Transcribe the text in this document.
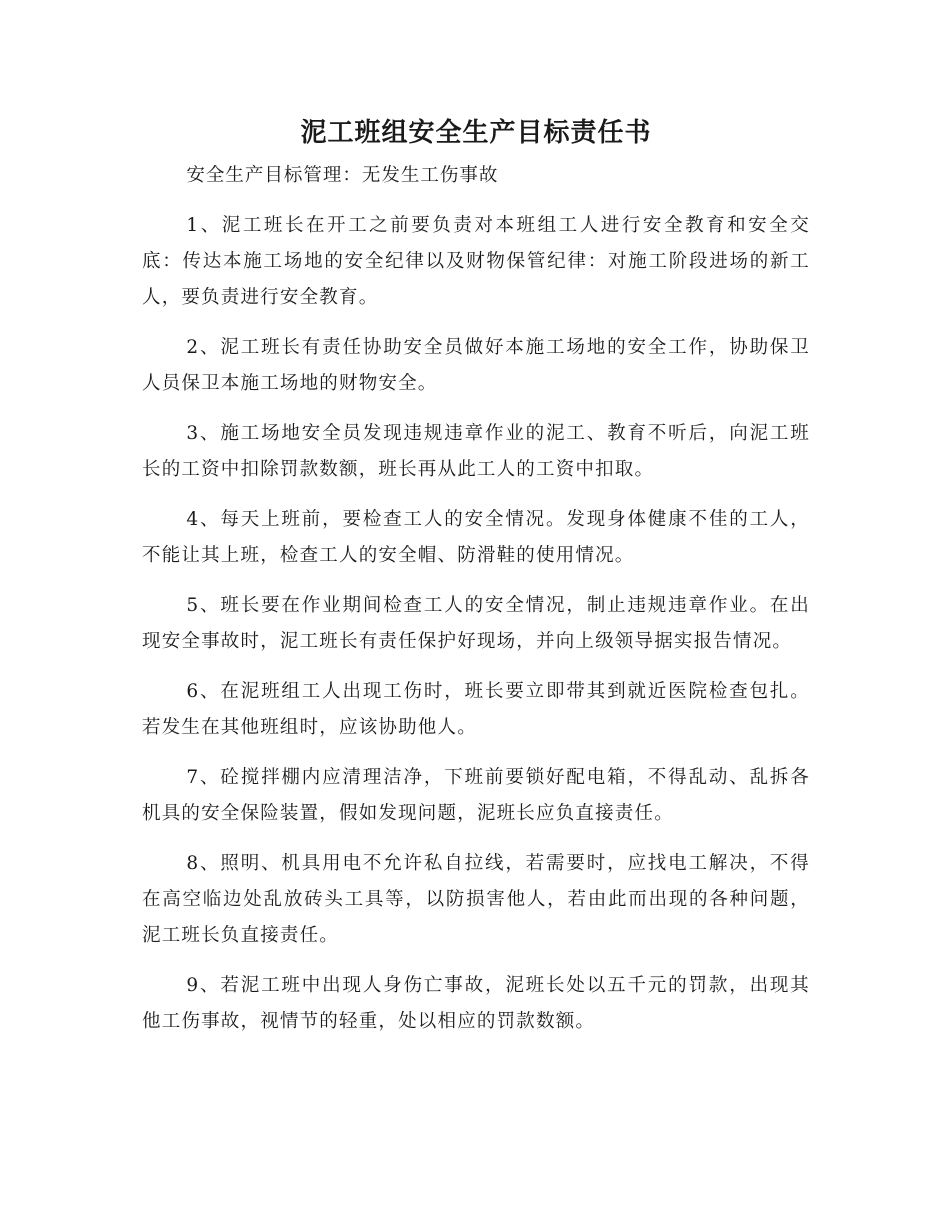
泥工班组安全生产目标责任书

安全生产目标管理：无发生工伤事故

1、泥工班长在开工之前要负责对本班组工人进行安全教育和安全交底：传达本施工场地的安全纪律以及财物保管纪律：对施工阶段进场的新工人，要负责进行安全教育。

2、泥工班长有责任协助安全员做好本施工场地的安全工作，协助保卫人员保卫本施工场地的财物安全。

3、施工场地安全员发现违规违章作业的泥工、教育不听后，向泥工班长的工资中扣除罚款数额，班长再从此工人的工资中扣取。

4、每天上班前，要检查工人的安全情况。发现身体健康不佳的工人，不能让其上班，检查工人的安全帽、防滑鞋的使用情况。

5、班长要在作业期间检查工人的安全情况，制止违规违章作业。在出现安全事故时，泥工班长有责任保护好现场，并向上级领导据实报告情况。

6、在泥班组工人出现工伤时，班长要立即带其到就近医院检查包扎。若发生在其他班组时，应该协助他人。

7、砼搅拌棚内应清理洁净，下班前要锁好配电箱，不得乱动、乱拆各机具的安全保险装置，假如发现问题，泥班长应负直接责任。

8、照明、机具用电不允许私自拉线，若需要时，应找电工解决，不得在高空临边处乱放砖头工具等，以防损害他人，若由此而出现的各种问题，泥工班长负直接责任。

9、若泥工班中出现人身伤亡事故，泥班长处以五千元的罚款，出现其他工伤事故，视情节的轻重，处以相应的罚款数额。
